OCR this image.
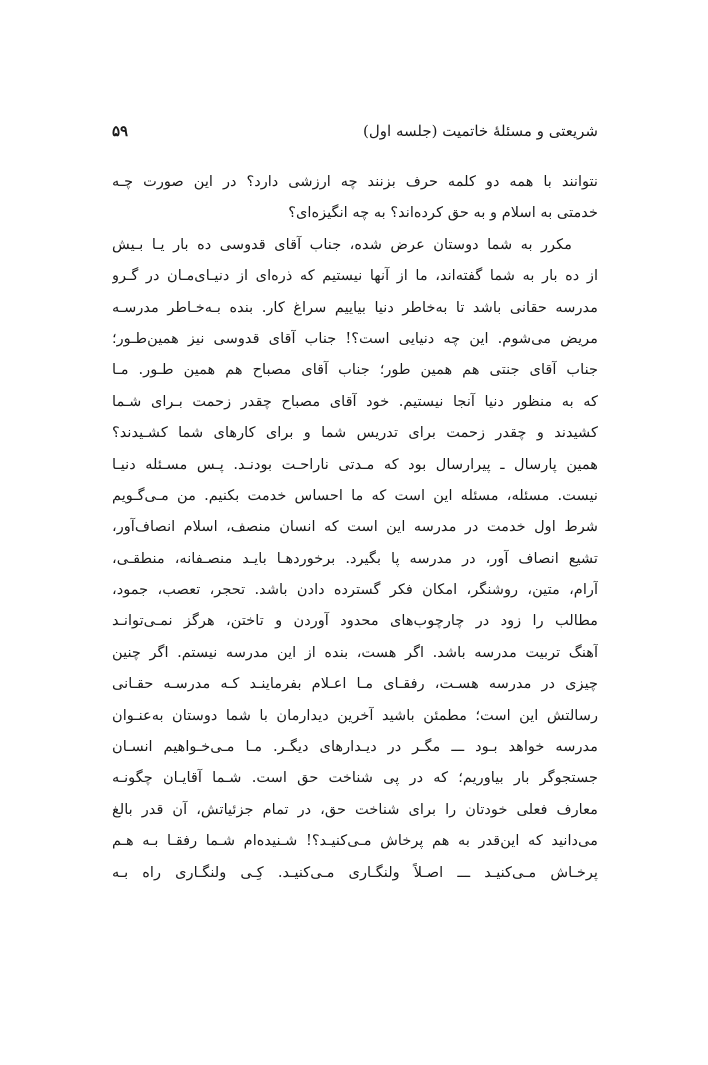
شریعتی و مسئلهٔ خاتمیت (جلسه اول)
۵۹
نتوانند با همه دو کلمه حرف بزنند چه ارزشی دارد؟ در این صورت چـه
خدمتی به اسلام و به حق کرده‌اند؟ به چه انگیزه‌ای؟
مکرر به شما دوستان عرض شده، جناب آقای قدوسی ده بار یـا بـیش
از ده بار به شما گفته‌اند، ما از آنها نیستیم که ذره‌ای از دنیـای‌مـان در گـرو
مدرسه حقانی باشد تا به‌خاطر دنیا بیاییم سراغ کار. بنده بـه‌خـاطر مدرسـه
مریض می‌شوم. این چه دنیایی است؟! جناب آقای قدوسی نیز همین‌طـور؛
جناب آقای جنتی هم همین طور؛ جناب آقای مصباح هم همین طـور. مـا
که به منظور دنیا آنجا نیستیم. خود آقای مصباح چقدر زحمت بـرای شـما
کشیدند و چقدر زحمت برای تدریس شما و برای کارهای شما کشـیدند؟
همین پارسال ـ پیرارسال بود که مـدتی ناراحـت بودنـد. پـس مسـئله دنیـا
نیست. مسئله، مسئله این است که ما احساس خدمت بکنیم. من مـی‌گـویم
شرط اول خدمت در مدرسه این است که انسان منصف، اسلام انصاف‌آور،
تشیع انصاف آور، در مدرسه پا بگیرد. برخوردهـا بایـد منصـفانه، منطقـی،
آرام، متین، روشنگر، امکان فکر گسترده دادن باشد. تحجر، تعصب، جمود،
مطالب را زود در چارچوب‌های محدود آوردن و تاختن، هرگز نمـی‌توانـد
آهنگ تربیت مدرسه باشد. اگر هست، بنده از این مدرسه نیستم. اگر چنین
چیزی در مدرسه هسـت، رفقـای مـا اعـلام بفرماینـد کـه مدرسـه حقـانی
رسالتش این است؛ مطمئن باشید آخرین دیدارمان با شما دوستان به‌عنـوان
مدرسه خواهد بـود ـــ مگـر در دیـدارهای دیگـر. مـا مـی‌خـواهیم انسـان
جستجوگر بار بیاوریم؛ که در پی شناخت حق است. شـما آقایـان چگونـه
معارف فعلی خودتان را برای شناخت حق، در تمام جزئیاتش، آن قدر بالغ
می‌دانید که این‌قدر به هم پرخاش مـی‌کنیـد؟! شـنیده‌ام شـما رفقـا بـه هـم
پرخـاش مـی‌کنیـد ـــ اصـلاً ولنگـاری مـی‌کنیـد. کِـی ولنگـاری راه بـه
